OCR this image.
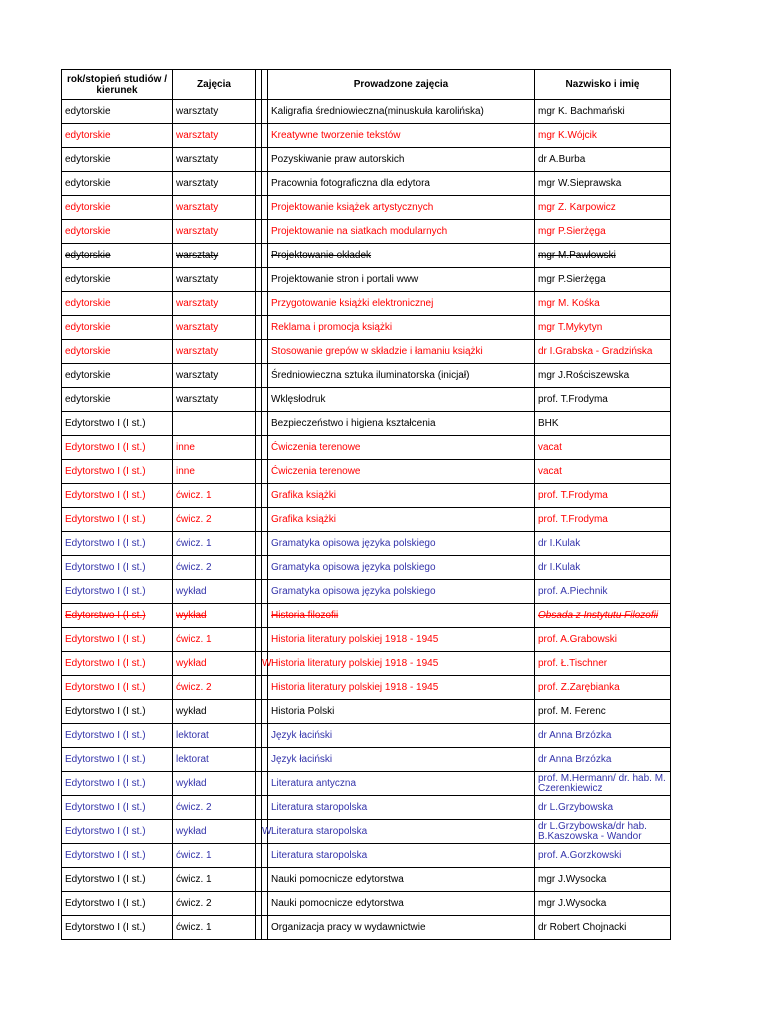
rok/stopień studiów / kierunek	Zajęcia			Prowadzone zajęcia	Nazwisko i imię
edytorskie	warsztaty			Kaligrafia średniowieczna(minuskuła karolińska)	mgr K. Bachmański
edytorskie	warsztaty			Kreatywne tworzenie tekstów	mgr K.Wójcik
edytorskie	warsztaty			Pozyskiwanie praw autorskich	dr A.Burba
edytorskie	warsztaty			Pracownia fotograficzna dla edytora	mgr W.Sieprawska
edytorskie	warsztaty			Projektowanie książek artystycznych	mgr Z. Karpowicz
edytorskie	warsztaty			Projektowanie na siatkach modularnych	mgr P.Sierżęga
edytorskie	warsztaty			Projektowanie okładek	mgr M.Pawłowski
edytorskie	warsztaty			Projektowanie stron i portali www	mgr P.Sierżęga
edytorskie	warsztaty			Przygotowanie książki elektronicznej	mgr M. Kośka
edytorskie	warsztaty			Reklama i promocja książki	mgr T.Mykytyn
edytorskie	warsztaty			Stosowanie grepów w składzie i łamaniu książki	dr I.Grabska - Gradzińska
edytorskie	warsztaty			Średniowieczna sztuka iluminatorska (inicjał)	mgr J.Rościszewska
edytorskie	warsztaty			Wklęsłodruk	prof. T.Frodyma
Edytorstwo I (I st.)				Bezpieczeństwo i higiena kształcenia	BHK
Edytorstwo I (I st.)	inne			Ćwiczenia terenowe	vacat
Edytorstwo I (I st.)	inne			Ćwiczenia terenowe	vacat
Edytorstwo I (I st.)	ćwicz. 1			Grafika książki	prof. T.Frodyma
Edytorstwo I (I st.)	ćwicz. 2			Grafika książki	prof. T.Frodyma
Edytorstwo I (I st.)	ćwicz. 1			Gramatyka opisowa języka polskiego	dr I.Kulak
Edytorstwo I (I st.)	ćwicz. 2			Gramatyka opisowa języka polskiego	dr I.Kulak
Edytorstwo I (I st.)	wykład			Gramatyka opisowa języka polskiego	prof. A.Piechnik
Edytorstwo I (I st.)	wykład			Historia filozofii	Obsada z Instytutu Filozofii
Edytorstwo I (I st.)	ćwicz. 1			Historia literatury polskiej 1918 - 1945	prof. A.Grabowski
Edytorstwo I (I st.)	wykład		W	Historia literatury polskiej 1918 - 1945	prof. Ł.Tischner
Edytorstwo I (I st.)	ćwicz. 2			Historia literatury polskiej 1918 - 1945	prof. Z.Zarębianka
Edytorstwo I (I st.)	wykład			Historia Polski	prof. M. Ferenc
Edytorstwo I (I st.)	lektorat			Język łaciński	dr Anna Brzózka
Edytorstwo I (I st.)	lektorat			Język łaciński	dr Anna Brzózka
Edytorstwo I (I st.)	wykład			Literatura antyczna	prof. M.Hermann/ dr. hab. M. Czerenkiewicz
Edytorstwo I (I st.)	ćwicz. 2			Literatura staropolska	dr L.Grzybowska
Edytorstwo I (I st.)	wykład		W	Literatura staropolska	dr L.Grzybowska/dr hab. B.Kaszowska - Wandor
Edytorstwo I (I st.)	ćwicz. 1			Literatura staropolska	prof. A.Gorzkowski
Edytorstwo I (I st.)	ćwicz. 1			Nauki pomocnicze edytorstwa	mgr J.Wysocka
Edytorstwo I (I st.)	ćwicz. 2			Nauki pomocnicze edytorstwa	mgr J.Wysocka
Edytorstwo I (I st.)	ćwicz. 1			Organizacja pracy w wydawnictwie	dr Robert Chojnacki
